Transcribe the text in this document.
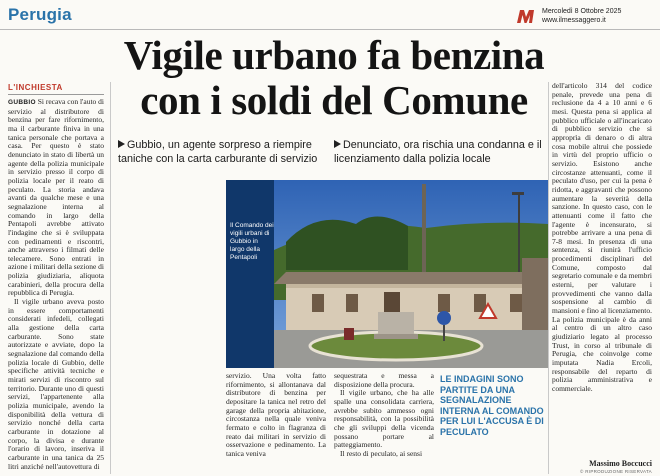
Perugia	Mercoledì 8 Ottobre 2025
www.ilmessaggero.it
L'INCHIESTA

GUBBIO Si recava con l'auto di servizio al distributore di benzina per fare rifornimento, ma il carburante finiva in una tanica personale che portava a casa. Per questo è stato denunciato in stato di libertà un agente della polizia municipale in servizio presso il corpo di polizia locale per il reato di peculato. La storia andava avanti da qualche mese e una segnalazione interna al comando in largo della Pentapoli avrebbe attivato l'indagine che si è sviluppata con pedinamenti e riscontri, anche attraverso i filmati delle telecamere. Sono entrati in azione i militari della sezione di polizia giudiziaria, aliquota carabinieri, della procura della repubblica di Perugia.

Il vigile urbano aveva posto in essere comportamenti considerati infedeli, collegati alla gestione della carta carburante. Sono state autorizzate e avviate, dopo la segnalazione dal comando della polizia locale di Gubbio, delle specifiche attività tecniche e mirati servizi di riscontro sul territorio. Durante uno di questi servizi, l'appartenente alla polizia municipale, avendo la disponibilità della vettura di servizio nonché della carta carburante in dotazione al corpo, la divisa e durante l'orario di lavoro, inseriva il carburante in una tanica da 25 litri anziché nell'autovettura di

Vigile urbano fa benzina
con i soldi del Comune
Gubbio, un agente sorpreso a riempire taniche con la carta carburante di servizio
Denunciato, ora rischia una condanna e il licenziamento dalla polizia locale
Il Comando dei vigili urbani di Gubbio in largo della Pentapoli

servizio. Una volta fatto rifornimento, si allontanava dal distributore di benzina per depositare la tanica nel retro del garage della propria abitazione, circostanza nella quale veniva fermato e colto in flagranza di reato dai militari in servizio di osservazione e pedinamento. La tanica veniva

sequestrata e messa a disposizione della procura.

Il vigile urbano, che ha alle spalle una consolidata carriera, avrebbe subito ammesso ogni responsabilità, con la possibilità che gli sviluppi della vicenda possano portare al patteggiamento.

Il resto di peculato, ai sensi

LE INDAGINI SONO PARTITE DA UNA SEGNALAZIONE INTERNA AL COMANDO PER LUI L'ACCUSA È DI PECULATO

dell'articolo 314 del codice penale, prevede una pena di reclusione da 4 a 10 anni e 6 mesi. Questa pena si applica al pubblico ufficiale o all'incaricato di pubblico servizio che si approprìa di denaro o di altra cosa mobile altrui che possiede in virtù del proprio ufficio o servizio. Esistono anche circostanze attenuanti, come il peculato d'uso, per cui la pena è ridotta, e aggravanti che possono aumentare la severità della sanzione. In questo caso, con le attenuanti come il fatto che l'agente è incensurato, si potrebbe arrivare a una pena di 7-8 mesi. In presenza di una sentenza, si riunirà l'ufficio procedimenti disciplinari del Comune, composto dal segretario comunale e da membri esterni, per valutare i provvedimenti che vanno dalla sospensione al cambio di mansioni e fino al licenziamento. La polizia municipale è da anni al centro di un altro caso giudiziario legato al processo Trust, in corso al tribunale di Perugia, che coinvolge come imputata Nadia Ercoli, responsabile del reparto di polizia amministrativa e commerciale.

Massimo Boccucci
© RIPRODUZIONE RISERVATA
